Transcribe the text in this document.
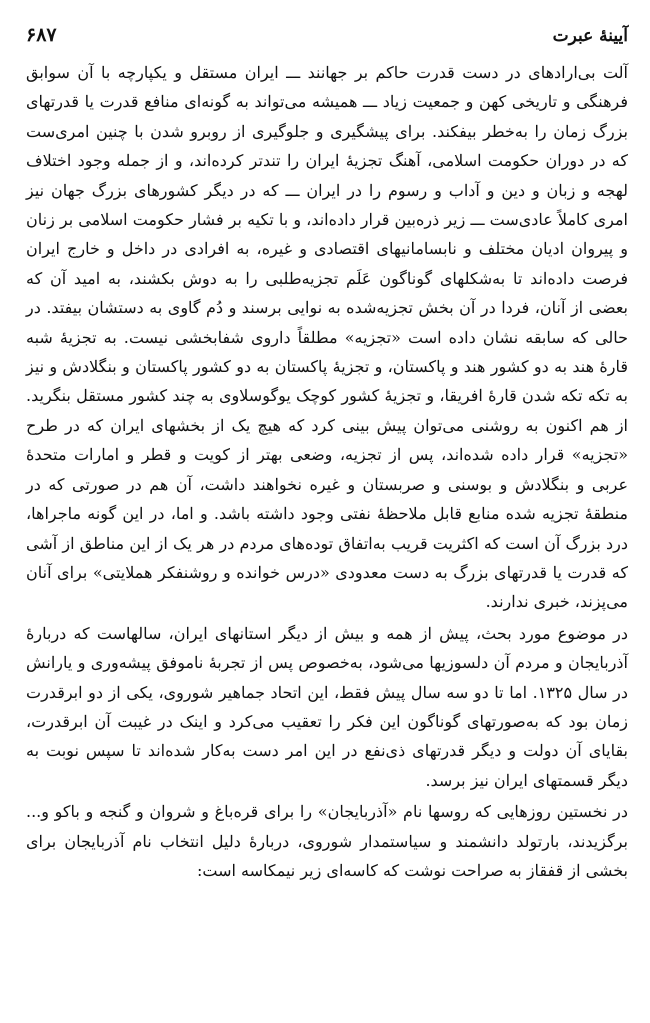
آیینهٔ عبرت
۶۸۷

آلت بی‌ارادهای در دست قدرت حاکم بر جهانند ـــ ایران مستقل و یکپارچه با آن سوابق فرهنگی و تاریخی کهن و جمعیت زیاد ـــ همیشه می‌تواند به گونه‌ای منافع قدرت یا قدرتهای بزرگ زمان را به‌خطر بیفکند. برای پیشگیری و جلوگیری از روبرو شدن با چنین امری‌ست که در دوران حکومت اسلامی، آهنگ تجزیهٔ ایران را تندتر کرده‌اند، و از جمله وجود اختلاف لهجه و زبان و دین و آداب و رسوم را در ایران ـــ که در دیگر کشورهای بزرگ جهان نیز امری کاملاً عادی‌ست ـــ زیر ذره‌بین قرار داده‌اند، و با تکیه بر فشار حکومت اسلامی بر زنان و پیروان ادیان مختلف و نابسامانیهای اقتصادی و غیره، به افرادی در داخل و خارج ایران فرصت داده‌اند تا به‌شکلهای گوناگون عَلَم تجزیه‌طلبی را به دوش بکشند، به امید آن که بعضی از آنان، فردا در آن بخش تجزیه‌شده به نوایی برسند و دُم گاوی به دستشان بیفتد. در حالی که سابقه نشان داده است «تجزیه» مطلقاً داروی شفابخشی نیست. به تجزیهٔ شبه قارهٔ هند به دو کشور هند و پاکستان، و تجزیهٔ پاکستان به دو کشور پاکستان و بنگلادش و نیز به تکه تکه شدن قارهٔ افریقا، و تجزیهٔ کشور کوچک یوگوسلاوی به چند کشور مستقل بنگرید. از هم اکنون به روشنی می‌توان پیش بینی کرد که هیچ یک از بخشهای ایران که در طرح «تجزیه» قرار داده شده‌اند، پس از تجزیه، وضعی بهتر از کویت و قطر و امارات متحدهٔ عربی و بنگلادش و بوسنی و صربستان و غیره نخواهند داشت، آن هم در صورتی که در منطقهٔ تجزیه شده منابع قابل ملاحظهٔ نفتی وجود داشته باشد. و اما، در این گونه ماجراها، درد بزرگ آن است که اکثریت قریب به‌اتفاق توده‌های مردم در هر یک از این مناطق از آشی که قدرت یا قدرتهای بزرگ به دست معدودی «درس خوانده و روشنفکر هملایتی» برای آنان می‌پزند، خبری ندارند.

در موضوع مورد بحث، پیش از همه و بیش از دیگر استانهای ایران، سالهاست که دربارهٔ آذربایجان و مردم آن دلسوزیها می‌شود، به‌خصوص پس از تجربهٔ ناموفق پیشه‌وری و یارانش در سال ۱۳۲۵. اما تا دو سه سال پیش فقط، این اتحاد جماهیر شوروی، یکی از دو ابرقدرت زمان بود که به‌صورتهای گوناگون این فکر را تعقیب می‌کرد و اینک در غیبت آن ابرقدرت، بقایای آن دولت و دیگر قدرتهای ذی‌نفع در این امر دست به‌کار شده‌اند تا سپس نوبت به دیگر قسمتهای ایران نیز برسد.

در نخستین روزهایی که روسها نام «آذربایجان» را برای قره‌باغ و شروان و گنجه و باکو و... برگزیدند، بارتولد دانشمند و سیاستمدار شوروی، دربارهٔ دلیل انتخاب نام آذربایجان برای بخشی از قفقاز به صراحت نوشت که کاسه‌ای زیر نیمکاسه است:
